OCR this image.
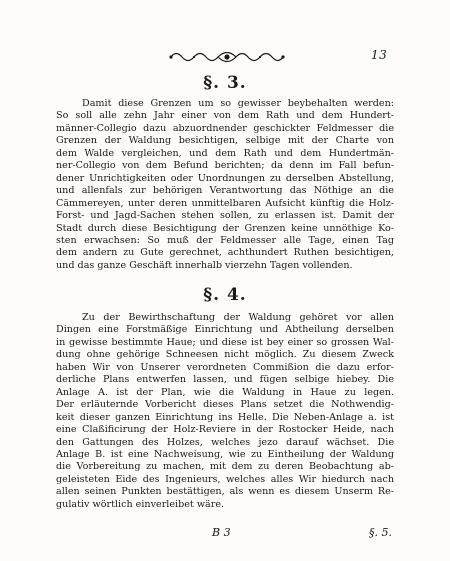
13
§. 3.
Damit diese Grenzen um so gewisser beybehalten werden:
So soll alle zehn Jahr einer von dem Rath und dem Hundert-
männer-Collegio dazu abzuordnender geschickter Feldmesser die
Grenzen der Waldung besichtigen, selbige mit der Charte von
dem Walde vergleichen, und dem Rath und dem Hundertmän-
ner-Collegio von dem Befund berichten; da denn im Fall befun-
dener Unrichtigkeiten oder Unordnungen zu derselben Abstellung,
und allenfals zur behörigen Verantwortung das Nöthige an die
Cämmereyen, unter deren unmittelbaren Aufsicht künftig die Holz-
Forst- und Jagd-Sachen stehen sollen, zu erlassen ist. Damit der
Stadt durch diese Besichtigung der Grenzen keine unnöthige Ko-
sten erwachsen: So muß der Feldmesser alle Tage, einen Tag
dem andern zu Gute gerechnet, achthundert Ruthen besichtigen,
und das ganze Geschäft innerhalb vierzehn Tagen vollenden.
§. 4.
Zu der Bewirthschaftung der Waldung gehöret vor allen
Dingen eine Forstmäßige Einrichtung und Abtheilung derselben
in gewisse bestimmte Haue; und diese ist bey einer so grossen Wal-
dung ohne gehörige Schneesen nicht möglich. Zu diesem Zweck
haben Wir von Unserer verordneten Commißion die dazu erfor-
derliche Plans entwerfen lassen, und fügen selbige hiebey. Die
Anlage A. ist der Plan, wie die Waldung in Haue zu legen.
Der erläuternde Vorbericht dieses Plans setzet die Nothwendig-
keit dieser ganzen Einrichtung ins Helle. Die Neben-Anlage a. ist
eine Claßificirung der Holz-Reviere in der Rostocker Heide, nach
den Gattungen des Holzes, welches jezo darauf wächset. Die
Anlage B. ist eine Nachweisung, wie zu Eintheilung der Waldung
die Vorbereitung zu machen, mit dem zu deren Beobachtung ab-
geleisteten Eide des Ingenieurs, welches alles Wir hiedurch nach
allen seinen Punkten bestättigen, als wenn es diesem Unserm Re-
gulativ wörtlich einverleibet wäre.
B 3	§. 5.
